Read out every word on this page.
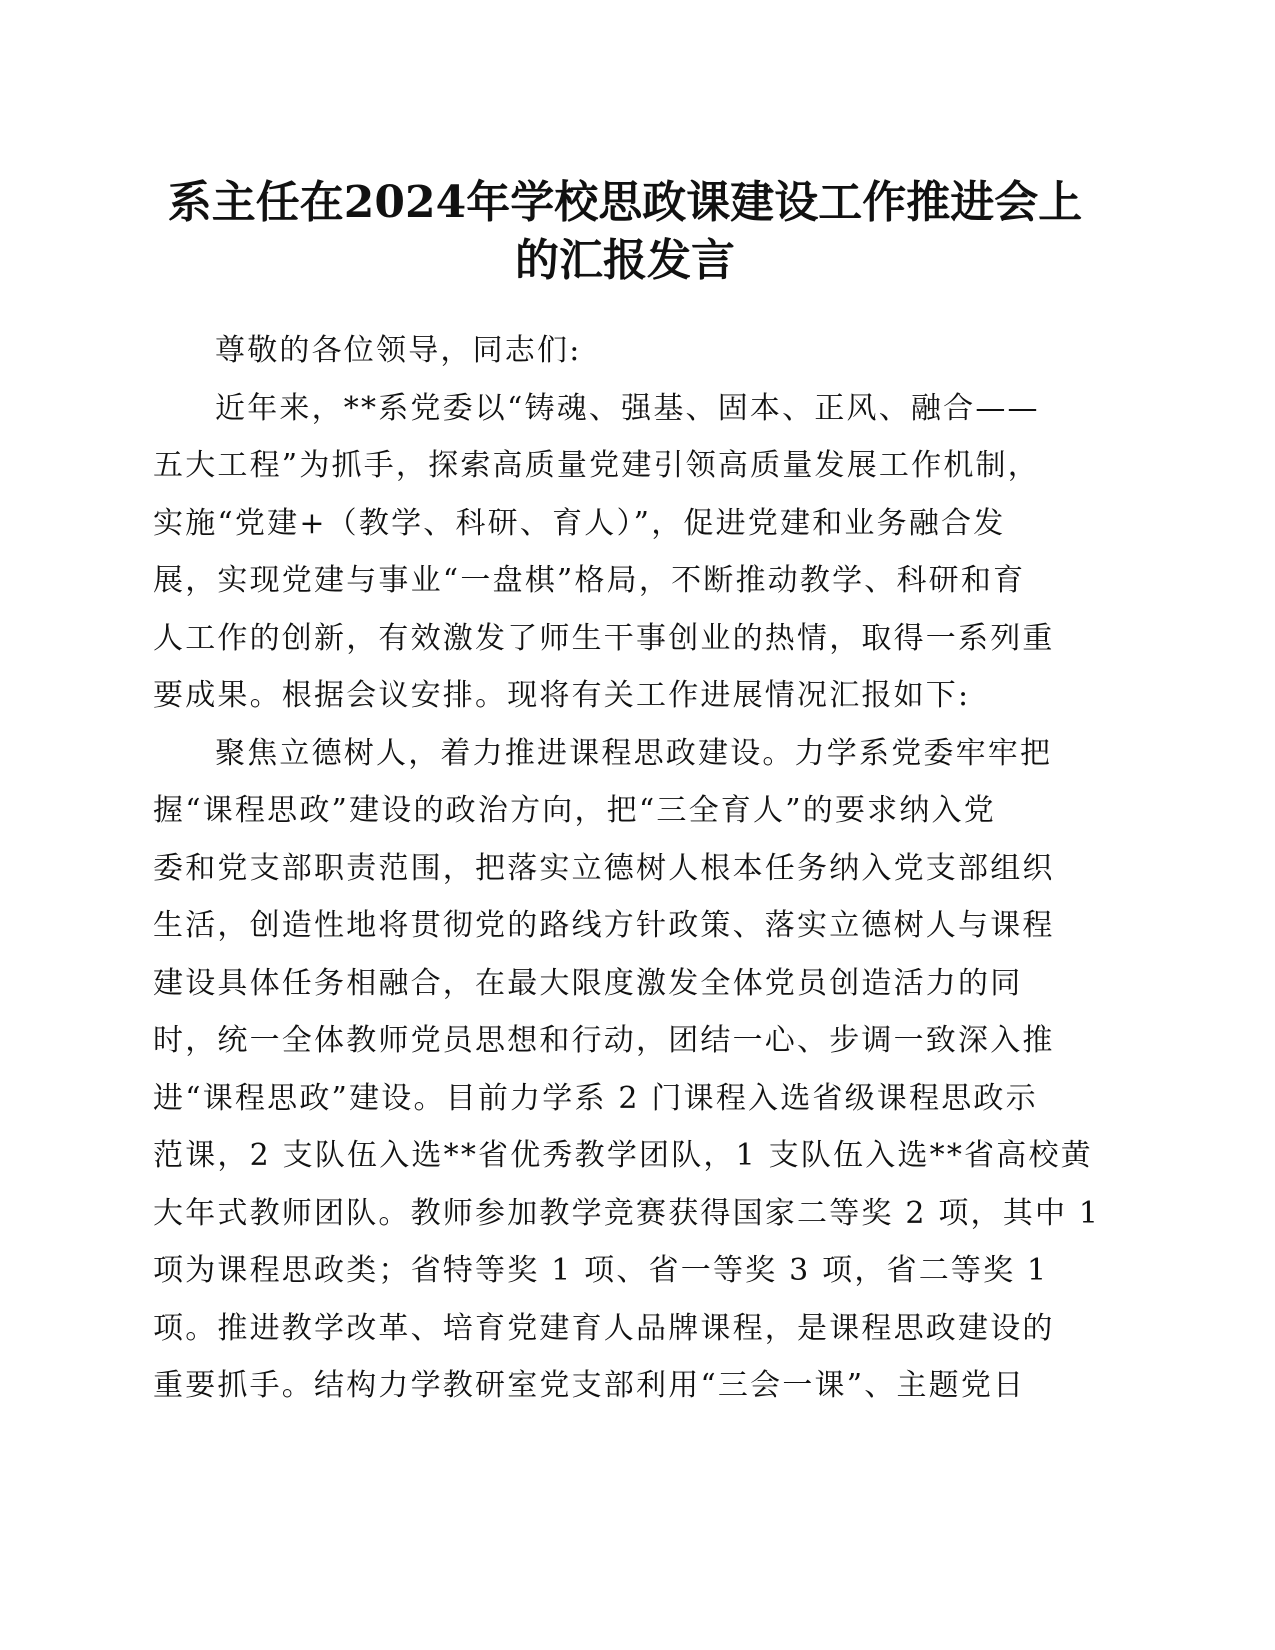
系主任在2024年学校思政课建设工作推进会上
的汇报发言
尊敬的各位领导，同志们:
近年来，**系党委以“铸魂、强基、固本、正风、融合——
五大工程”为抓手，探索高质量党建引领高质量发展工作机制，
实施“党建+（教学、科研、育人）”，促进党建和业务融合发
展，实现党建与事业“一盘棋”格局，不断推动教学、科研和育
人工作的创新，有效激发了师生干事创业的热情，取得一系列重
要成果。根据会议安排。现将有关工作进展情况汇报如下:
聚焦立德树人，着力推进课程思政建设。力学系党委牢牢把
握“课程思政”建设的政治方向，把“三全育人”的要求纳入党
委和党支部职责范围，把落实立德树人根本任务纳入党支部组织
生活，创造性地将贯彻党的路线方针政策、落实立德树人与课程
建设具体任务相融合，在最大限度激发全体党员创造活力的同
时，统一全体教师党员思想和行动，团结一心、步调一致深入推
进“课程思政”建设。目前力学系 2 门课程入选省级课程思政示
范课，2 支队伍入选**省优秀教学团队，1 支队伍入选**省高校黄
大年式教师团队。教师参加教学竞赛获得国家二等奖 2 项，其中 1
项为课程思政类；省特等奖 1 项、省一等奖 3 项，省二等奖 1
项。推进教学改革、培育党建育人品牌课程，是课程思政建设的
重要抓手。结构力学教研室党支部利用“三会一课”、主题党日
